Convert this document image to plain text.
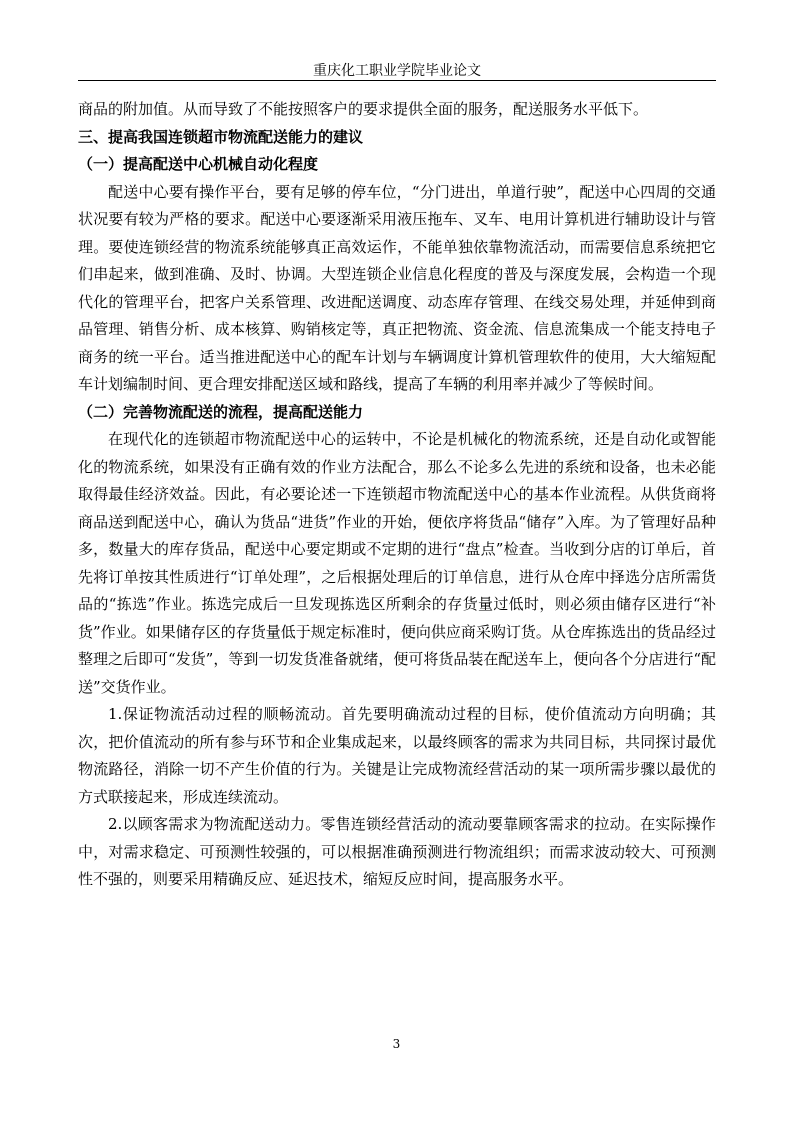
重庆化工职业学院毕业论文

商品的附加值。从而导致了不能按照客户的要求提供全面的服务，配送服务水平低下。

三、提高我国连锁超市物流配送能力的建议

（一）提高配送中心机械自动化程度

配送中心要有操作平台，要有足够的停车位，“分门进出，单道行驶”，配送中心四周的交通状况要有较为严格的要求。配送中心要逐渐采用液压拖车、叉车、电用计算机进行辅助设计与管理。要使连锁经营的物流系统能够真正高效运作，不能单独依靠物流活动，而需要信息系统把它们串起来，做到准确、及时、协调。大型连锁企业信息化程度的普及与深度发展，会构造一个现代化的管理平台，把客户关系管理、改进配送调度、动态库存管理、在线交易处理，并延伸到商品管理、销售分析、成本核算、购销核定等，真正把物流、资金流、信息流集成一个能支持电子商务的统一平台。适当推进配送中心的配车计划与车辆调度计算机管理软件的使用，大大缩短配车计划编制时间、更合理安排配送区域和路线，提高了车辆的利用率并减少了等候时间。

（二）完善物流配送的流程，提高配送能力

在现代化的连锁超市物流配送中心的运转中，不论是机械化的物流系统，还是自动化或智能化的物流系统，如果没有正确有效的作业方法配合，那么不论多么先进的系统和设备，也未必能取得最佳经济效益。因此，有必要论述一下连锁超市物流配送中心的基本作业流程。从供货商将商品送到配送中心，确认为货品“进货”作业的开始，便依序将货品“储存”入库。为了管理好品种多，数量大的库存货品，配送中心要定期或不定期的进行“盘点”检查。当收到分店的订单后，首先将订单按其性质进行“订单处理”，之后根据处理后的订单信息，进行从仓库中择选分店所需货品的“拣选”作业。拣选完成后一旦发现拣选区所剩余的存货量过低时，则必须由储存区进行“补货”作业。如果储存区的存货量低于规定标准时，便向供应商采购订货。从仓库拣选出的货品经过整理之后即可“发货”，等到一切发货准备就绪，便可将货品装在配送车上，便向各个分店进行“配送”交货作业。

1.保证物流活动过程的顺畅流动。首先要明确流动过程的目标，使价值流动方向明确；其次，把价值流动的所有参与环节和企业集成起来，以最终顾客的需求为共同目标，共同探讨最优物流路径，消除一切不产生价值的行为。关键是让完成物流经营活动的某一项所需步骤以最优的方式联接起来，形成连续流动。

2.以顾客需求为物流配送动力。零售连锁经营活动的流动要靠顾客需求的拉动。在实际操作中，对需求稳定、可预测性较强的，可以根据准确预测进行物流组织；而需求波动较大、可预测性不强的，则要采用精确反应、延迟技术，缩短反应时间，提高服务水平。

3
